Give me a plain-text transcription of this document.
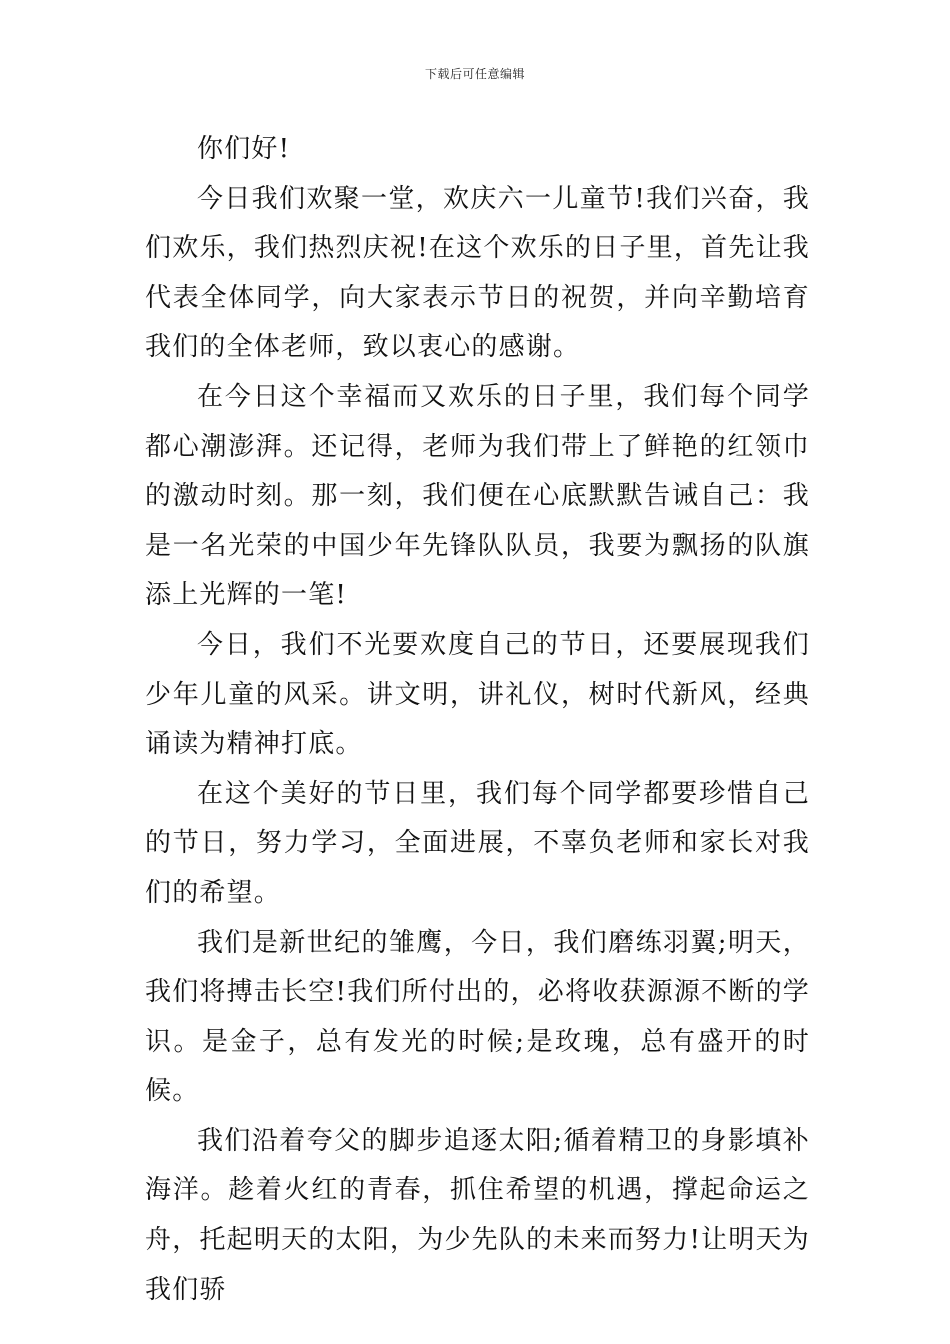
下载后可任意编辑

你们好!

今日我们欢聚一堂，欢庆六一儿童节!我们兴奋，我们欢乐，我们热烈庆祝!在这个欢乐的日子里，首先让我代表全体同学，向大家表示节日的祝贺，并向辛勤培育我们的全体老师，致以衷心的感谢。

在今日这个幸福而又欢乐的日子里，我们每个同学都心潮澎湃。还记得，老师为我们带上了鲜艳的红领巾的激动时刻。那一刻，我们便在心底默默告诫自己：我是一名光荣的中国少年先锋队队员，我要为飘扬的队旗添上光辉的一笔!

今日，我们不光要欢度自己的节日，还要展现我们少年儿童的风采。讲文明，讲礼仪，树时代新风，经典诵读为精神打底。

在这个美好的节日里，我们每个同学都要珍惜自己的节日，努力学习，全面进展，不辜负老师和家长对我们的希望。

我们是新世纪的雏鹰，今日，我们磨练羽翼;明天，我们将搏击长空!我们所付出的，必将收获源源不断的学识。是金子，总有发光的时候;是玫瑰，总有盛开的时候。

我们沿着夸父的脚步追逐太阳;循着精卫的身影填补海洋。趁着火红的青春，抓住希望的机遇，撑起命运之舟，托起明天的太阳，为少先队的未来而努力!让明天为我们骄
